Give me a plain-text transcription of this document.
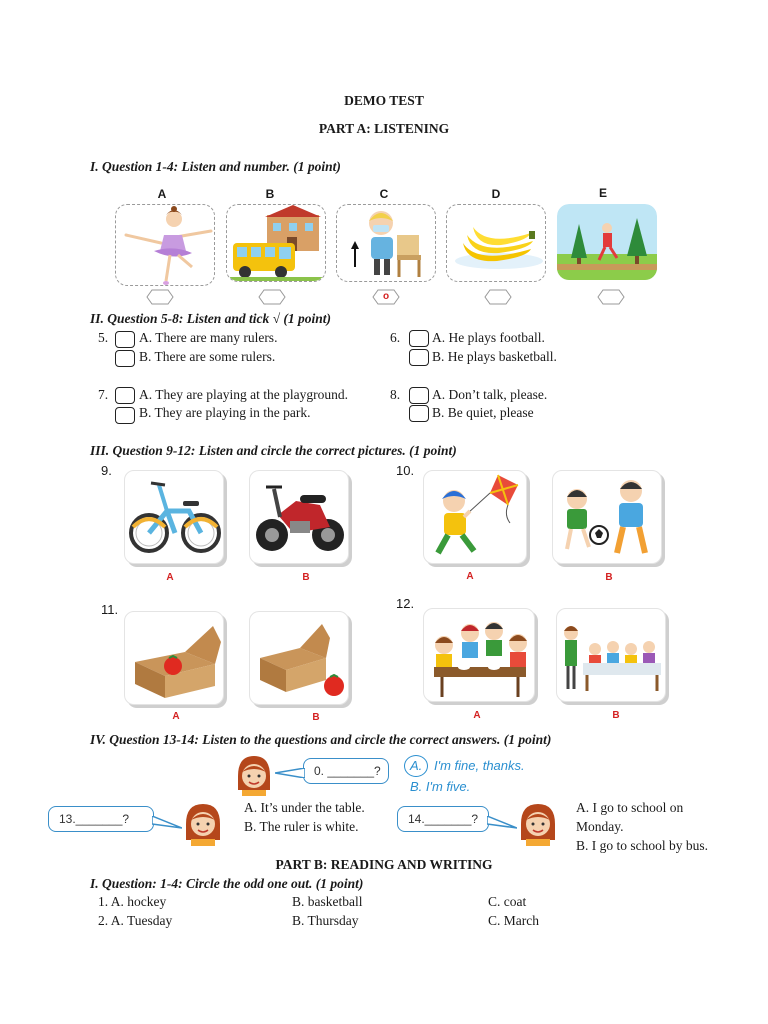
DEMO TEST
PART A: LISTENING
I. Question 1-4: Listen and number. (1 point)
A	B	C	D	E
o
II. Question 5-8: Listen and tick √ (1 point)
5. A. There are many rulers.
B. There are some rulers.
6. A. He plays football.
B. He plays basketball.
7. A. They are playing at the playground.
B. They are playing in the park.
8. A. Don’t talk, please.
B. Be quiet, please
III. Question 9-12: Listen and circle the correct pictures. (1 point)
9.	10.
11.	12.
A	B	A	B
A	B	A	B
IV. Question 13-14: Listen to the questions and circle the correct answers. (1 point)
0. _______? A. I'm fine, thanks.
B. I'm five.
13._______?
A. It’s under the table.
B. The ruler is white.	14._______?
A. I go to school on
Monday.
B. I go to school by bus.
PART B: READING AND WRITING
I. Question: 1-4: Circle the odd one out. (1 point)
1. A. hockey	B. basketball	C. coat
2. A. Tuesday	B. Thursday	C. March
